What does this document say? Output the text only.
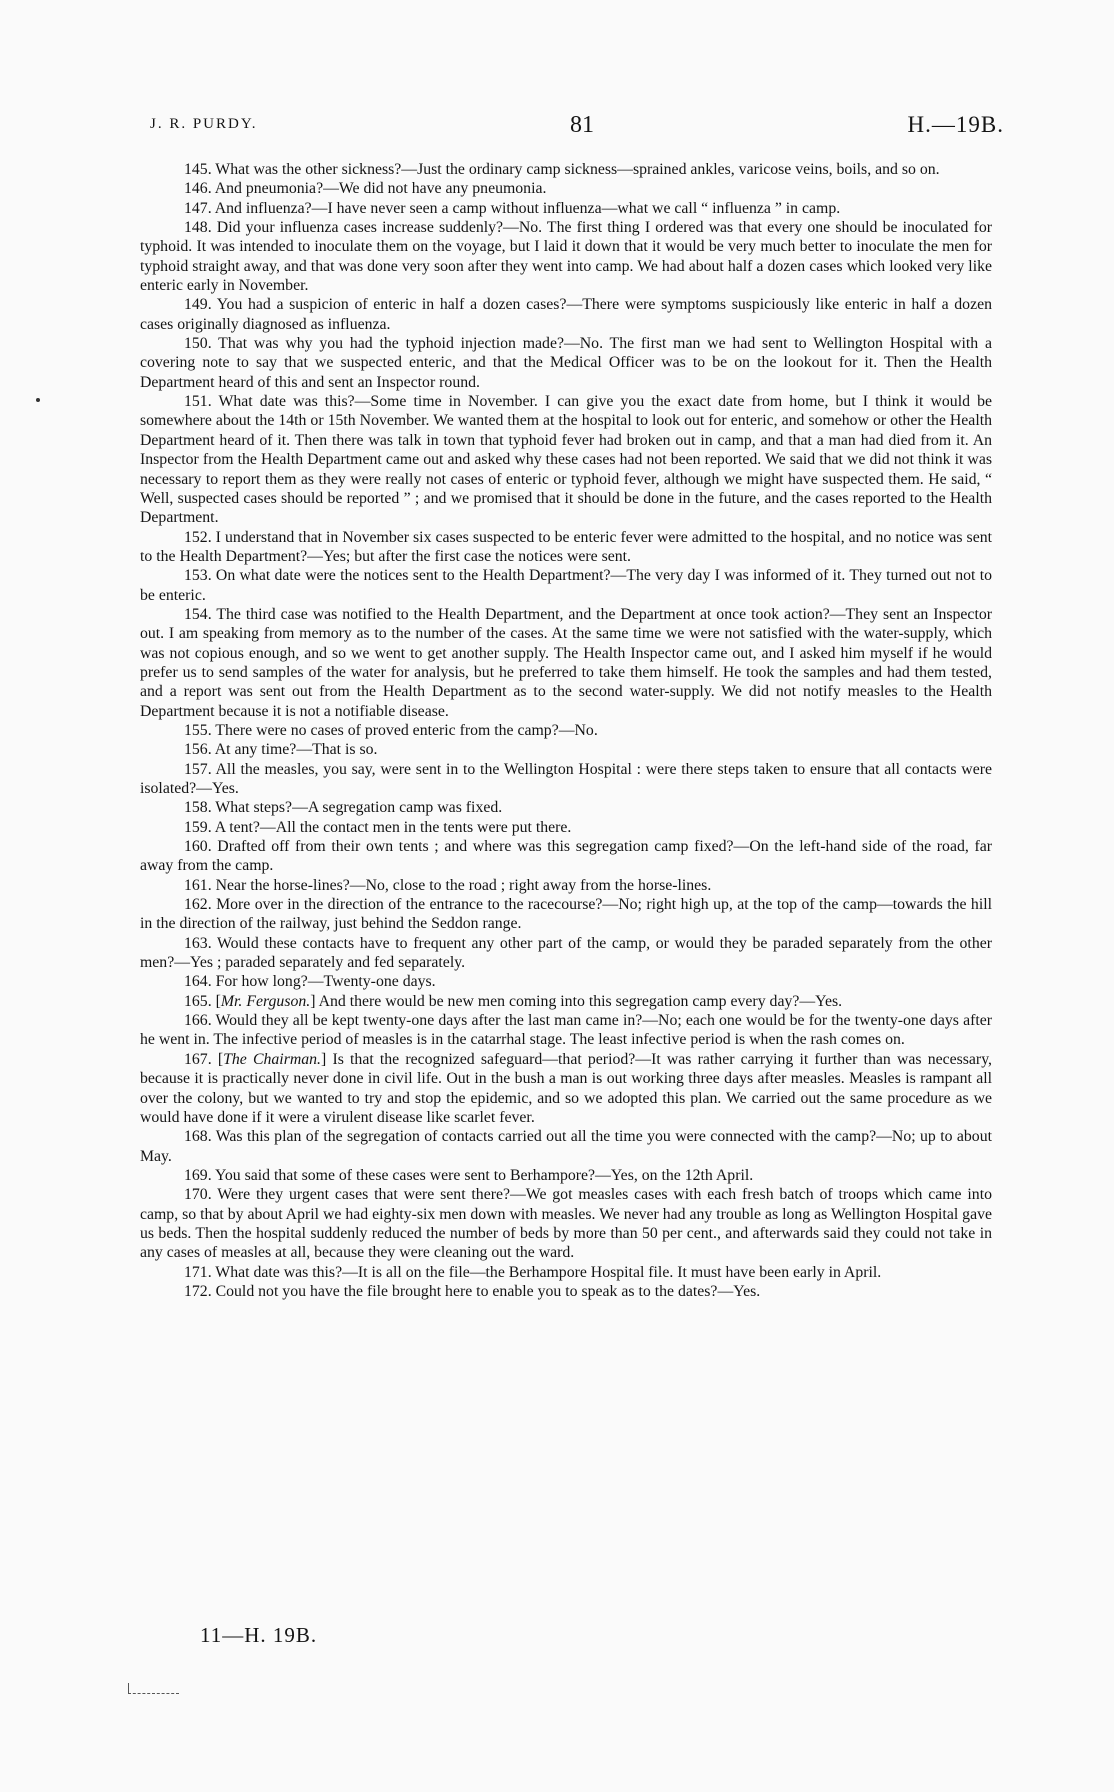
J. R. PURDY.	81	H.—19B.

145. What was the other sickness?—Just the ordinary camp sickness—sprained ankles, varicose veins, boils, and so on.

146. And pneumonia?—We did not have any pneumonia.

147. And influenza?—I have never seen a camp without influenza—what we call “ influenza ” in camp.

148. Did your influenza cases increase suddenly?—No. The first thing I ordered was that every one should be inoculated for typhoid. It was intended to inoculate them on the voyage, but I laid it down that it would be very much better to inoculate the men for typhoid straight away, and that was done very soon after they went into camp. We had about half a dozen cases which looked very like enteric early in November.

149. You had a suspicion of enteric in half a dozen cases?—There were symptoms suspiciously like enteric in half a dozen cases originally diagnosed as influenza.

150. That was why you had the typhoid injection made?—No. The first man we had sent to Wellington Hospital with a covering note to say that we suspected enteric, and that the Medical Officer was to be on the lookout for it. Then the Health Department heard of this and sent an Inspector round.

151. What date was this?—Some time in November. I can give you the exact date from home, but I think it would be somewhere about the 14th or 15th November. We wanted them at the hospital to look out for enteric, and somehow or other the Health Department heard of it. Then there was talk in town that typhoid fever had broken out in camp, and that a man had died from it. An Inspector from the Health Department came out and asked why these cases had not been reported. We said that we did not think it was necessary to report them as they were really not cases of enteric or typhoid fever, although we might have suspected them. He said, “ Well, suspected cases should be reported ” ; and we promised that it should be done in the future, and the cases reported to the Health Department.

152. I understand that in November six cases suspected to be enteric fever were admitted to the hospital, and no notice was sent to the Health Department?—Yes; but after the first case the notices were sent.

153. On what date were the notices sent to the Health Department?—The very day I was informed of it. They turned out not to be enteric.

154. The third case was notified to the Health Department, and the Department at once took action?—They sent an Inspector out. I am speaking from memory as to the number of the cases. At the same time we were not satisfied with the water-supply, which was not copious enough, and so we went to get another supply. The Health Inspector came out, and I asked him myself if he would prefer us to send samples of the water for analysis, but he preferred to take them himself. He took the samples and had them tested, and a report was sent out from the Health Department as to the second water-supply. We did not notify measles to the Health Department because it is not a notifiable disease.

155. There were no cases of proved enteric from the camp?—No.

156. At any time?—That is so.

157. All the measles, you say, were sent in to the Wellington Hospital : were there steps taken to ensure that all contacts were isolated?—Yes.

158. What steps?—A segregation camp was fixed.

159. A tent?—All the contact men in the tents were put there.

160. Drafted off from their own tents ; and where was this segregation camp fixed?—On the left-hand side of the road, far away from the camp.

161. Near the horse-lines?—No, close to the road ; right away from the horse-lines.

162. More over in the direction of the entrance to the racecourse?—No; right high up, at the top of the camp—towards the hill in the direction of the railway, just behind the Seddon range.

163. Would these contacts have to frequent any other part of the camp, or would they be paraded separately from the other men?—Yes ; paraded separately and fed separately.

164. For how long?—Twenty-one days.

165. [Mr. Ferguson.] And there would be new men coming into this segregation camp every day?—Yes.

166. Would they all be kept twenty-one days after the last man came in?—No; each one would be for the twenty-one days after he went in. The infective period of measles is in the catarrhal stage. The least infective period is when the rash comes on.

167. [The Chairman.] Is that the recognized safeguard—that period?—It was rather carrying it further than was necessary, because it is practically never done in civil life. Out in the bush a man is out working three days after measles. Measles is rampant all over the colony, but we wanted to try and stop the epidemic, and so we adopted this plan. We carried out the same procedure as we would have done if it were a virulent disease like scarlet fever.

168. Was this plan of the segregation of contacts carried out all the time you were connected with the camp?—No; up to about May.

169. You said that some of these cases were sent to Berhampore?—Yes, on the 12th April.

170. Were they urgent cases that were sent there?—We got measles cases with each fresh batch of troops which came into camp, so that by about April we had eighty-six men down with measles. We never had any trouble as long as Wellington Hospital gave us beds. Then the hospital suddenly reduced the number of beds by more than 50 per cent., and afterwards said they could not take in any cases of measles at all, because they were cleaning out the ward.

171. What date was this?—It is all on the file—the Berhampore Hospital file. It must have been early in April.

172. Could not you have the file brought here to enable you to speak as to the dates?—Yes.

11—H. 19B.
